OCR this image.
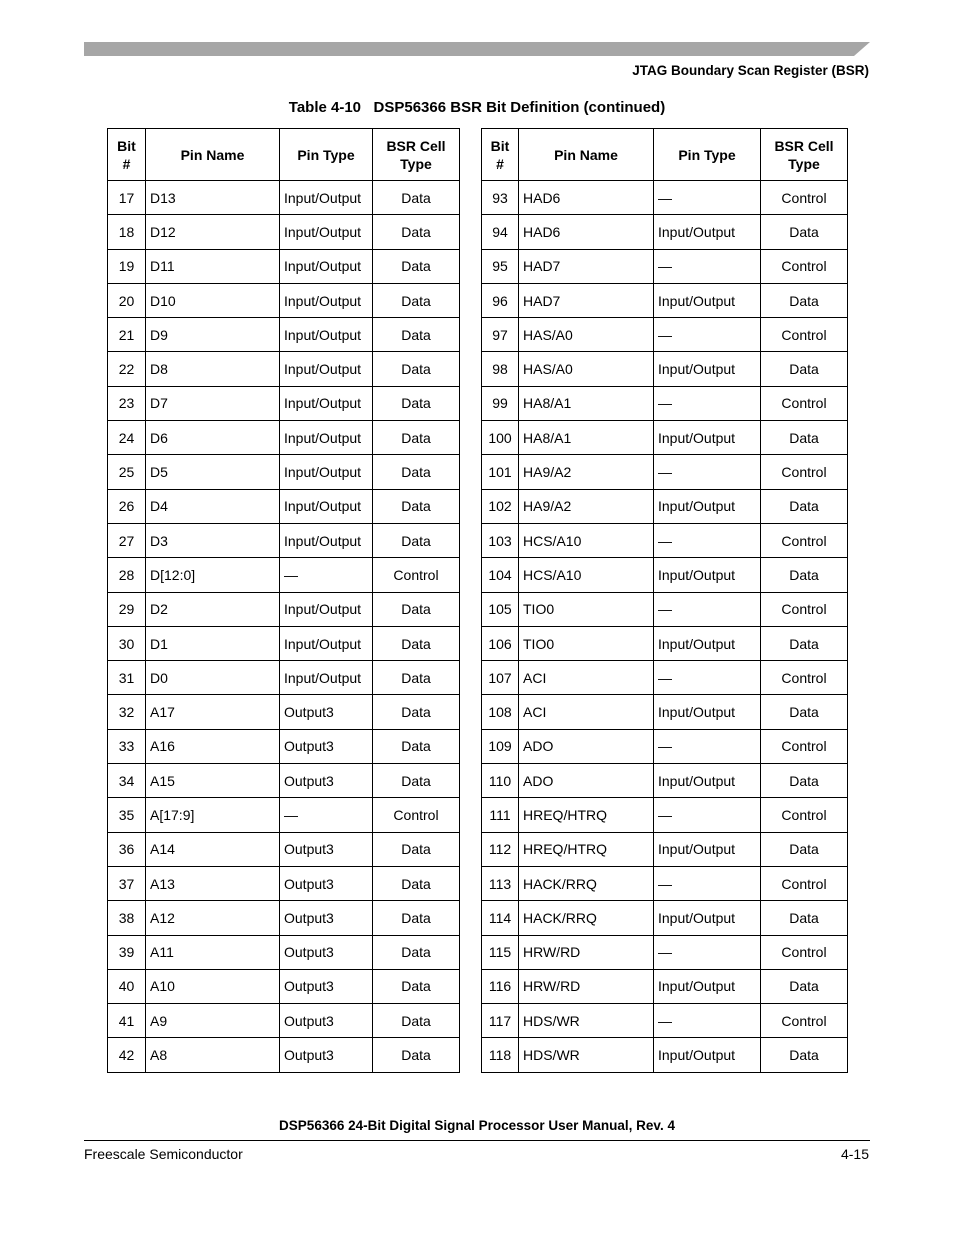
JTAG Boundary Scan Register (BSR)
Table 4-10   DSP56366 BSR Bit Definition (continued)
Bit #	Pin Name	Pin Type	BSR Cell Type
17	D13	Input/Output	Data
18	D12	Input/Output	Data
19	D11	Input/Output	Data
20	D10	Input/Output	Data
21	D9	Input/Output	Data
22	D8	Input/Output	Data
23	D7	Input/Output	Data
24	D6	Input/Output	Data
25	D5	Input/Output	Data
26	D4	Input/Output	Data
27	D3	Input/Output	Data
28	D[12:0]	—	Control
29	D2	Input/Output	Data
30	D1	Input/Output	Data
31	D0	Input/Output	Data
32	A17	Output3	Data
33	A16	Output3	Data
34	A15	Output3	Data
35	A[17:9]	—	Control
36	A14	Output3	Data
37	A13	Output3	Data
38	A12	Output3	Data
39	A11	Output3	Data
40	A10	Output3	Data
41	A9	Output3	Data
42	A8	Output3	Data
Bit #	Pin Name	Pin Type	BSR Cell Type
93	HAD6	—	Control
94	HAD6	Input/Output	Data
95	HAD7	—	Control
96	HAD7	Input/Output	Data
97	HAS/A0	—	Control
98	HAS/A0	Input/Output	Data
99	HA8/A1	—	Control
100	HA8/A1	Input/Output	Data
101	HA9/A2	—	Control
102	HA9/A2	Input/Output	Data
103	HCS/A10	—	Control
104	HCS/A10	Input/Output	Data
105	TIO0	—	Control
106	TIO0	Input/Output	Data
107	ACI	—	Control
108	ACI	Input/Output	Data
109	ADO	—	Control
110	ADO	Input/Output	Data
111	HREQ/HTRQ	—	Control
112	HREQ/HTRQ	Input/Output	Data
113	HACK/RRQ	—	Control
114	HACK/RRQ	Input/Output	Data
115	HRW/RD	—	Control
116	HRW/RD	Input/Output	Data
117	HDS/WR	—	Control
118	HDS/WR	Input/Output	Data
DSP56366 24-Bit Digital Signal Processor User Manual, Rev. 4
Freescale Semiconductor	4-15
